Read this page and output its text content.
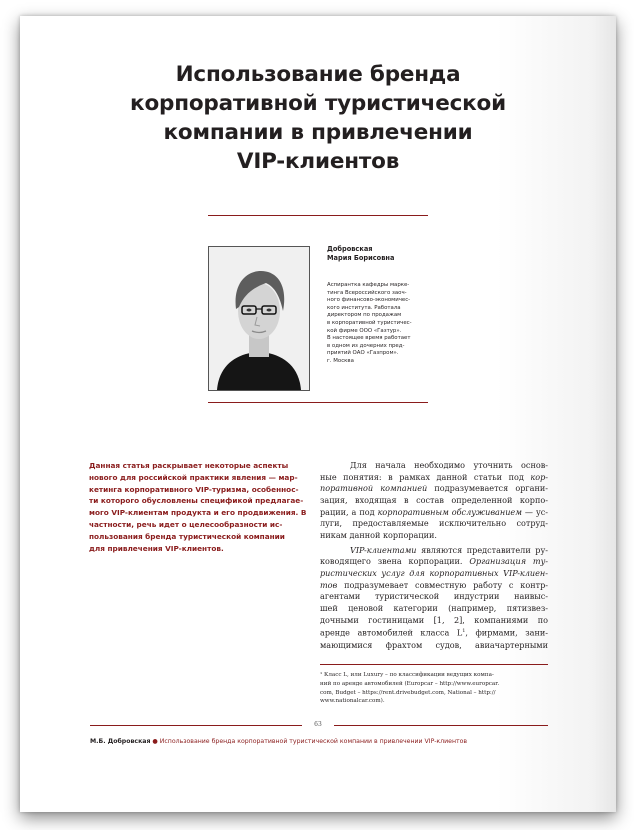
Использование бренда
корпоративной туристической
компании в привлечении
VIP-клиентов
Добровская
Мария Борисовна
Аспирантка кафедры марке-
тинга Всероссийского заоч-
ного финансово-экономичес-
кого института. Работала
директором по продажам
в корпоративной туристичес-
кой фирме ООО «Газтур».
В настоящее время работает
в одном из дочерних пред-
приятий ОАО «Газпром».
г. Москва
Данная статья раскрывает некоторые аспекты
нового для российской практики явления — мар-
кетинга корпоративного VIP-туризма, особеннос-
ти которого обусловлены спецификой предлагае-
мого VIP-клиентам продукта и его продвижения. В
частности, речь идет о целесообразности ис-
пользования бренда туристической компании
для привлечения VIP-клиентов.
Для начала необходимо уточнить основ-
ные понятия: в рамках данной статьи под кор-
поративной компанией подразумевается органи-
зация, входящая в состав определенной корпо-
рации, а под корпоративным обслуживанием — ус-
луги, предоставляемые исключительно сотруд-
никам данной корпорации.
VIP-клиентами являются представители ру-
ководящего звена корпорации. Организация ту-
ристических услуг для корпоративных VIP-клиен-
тов подразумевает совместную работу с контр-
агентами туристической индустрии наивыс-
шей ценовой категории (например, пятизвез-
дочными гостиницами [1, 2], компаниями по
аренде автомобилей класса $L^1$, фирмами, зани-
мающимися фрахтом судов, авиачартерными
¹ Класс L, или Luxury – по классификации ведущих компа-
ний по аренде автомобилей (Europcar – http://www.europcar.
com, Budget – https://rent.drivebudget.com, National – http://
www.nationalcar.com).
63
М.Б. Добровская ● Использование бренда корпоративной туристической компании в привлечении VIP-клиентов
